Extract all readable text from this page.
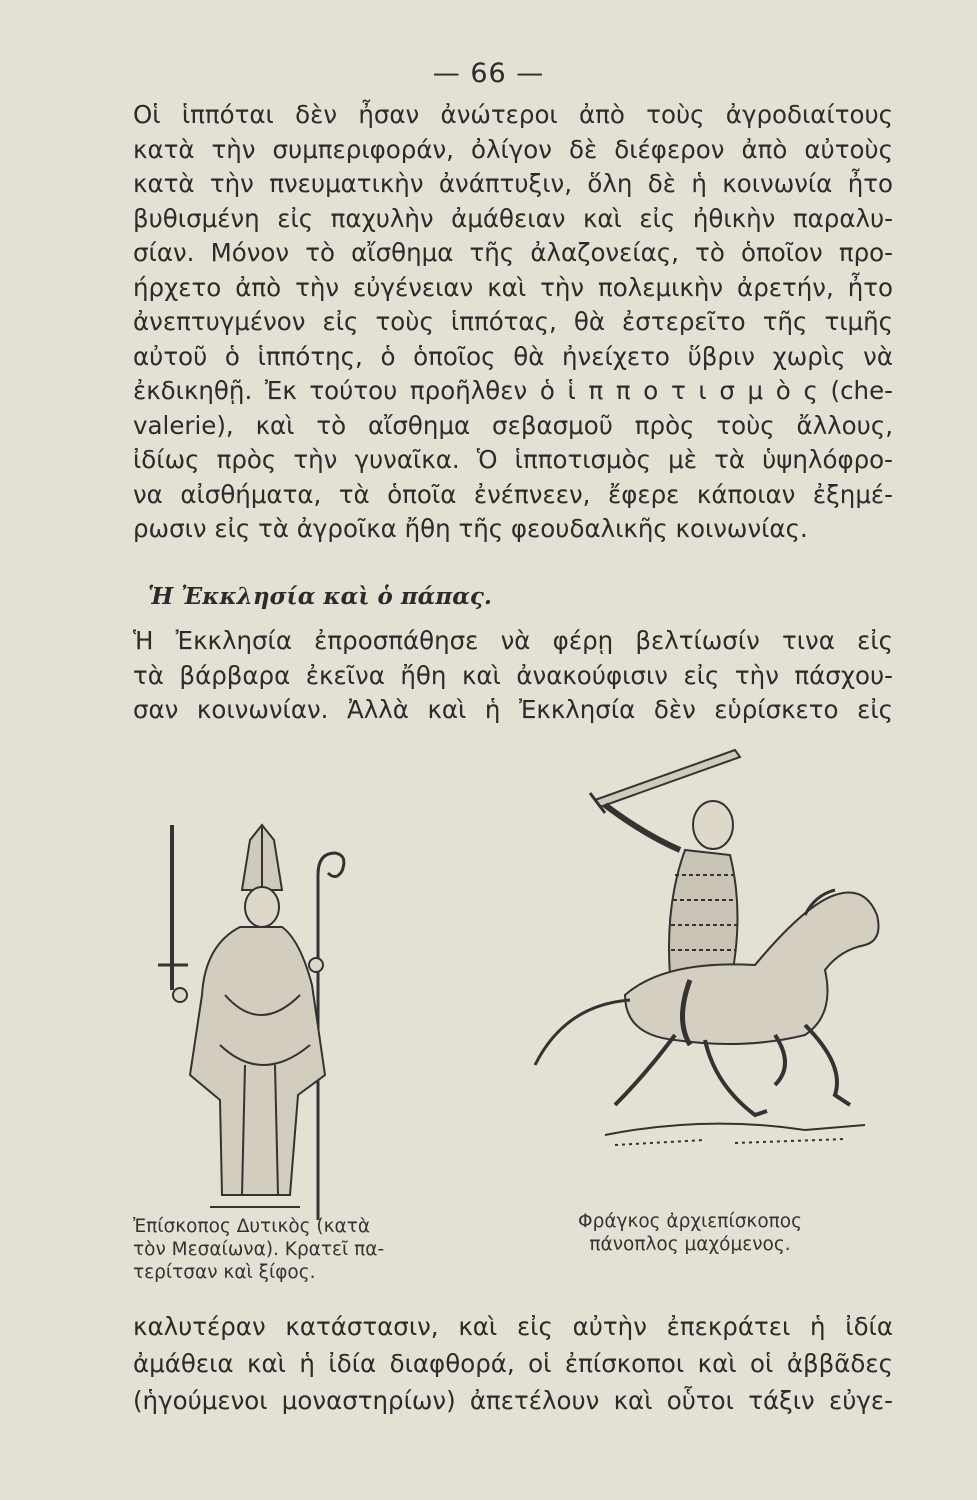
— 66 —

Οἱ ἱππόται δὲν ἦσαν ἀνώτεροι ἀπὸ τοὺς ἀγροδιαίτους
κατὰ τὴν συμπεριφοράν, ὀλίγον δὲ διέφερον ἀπὸ αὐτοὺς
κατὰ τὴν πνευματικὴν ἀνάπτυξιν, ὅλη δὲ ἡ κοινωνία ἦτο
βυθισμένη εἰς παχυλὴν ἀμάθειαν καὶ εἰς ἠθικὴν παραλυ-
σίαν. Μόνον τὸ αἴσθημα τῆς ἀλαζονείας, τὸ ὁποῖον προ-
ήρχετο ἀπὸ τὴν εὐγένειαν καὶ τὴν πολεμικὴν ἀρετήν, ἦτο
ἀνεπτυγμένον εἰς τοὺς ἱππότας, θὰ ἐστερεῖτο τῆς τιμῆς
αὐτοῦ ὁ ἱππότης, ὁ ὁποῖος θὰ ἠνείχετο ὕβριν χωρὶς νὰ
ἐκδικηθῇ. Ἐκ τούτου προῆλθεν ὁ ἱ π π ο τ ι σ μ ὸ ς (che-
valerie), καὶ τὸ αἴσθημα σεβασμοῦ πρὸς τοὺς ἄλλους,
ἰδίως πρὸς τὴν γυναῖκα. Ὁ ἱπποτισμὸς μὲ τὰ ὑψηλόφρο-
να αἰσθήματα, τὰ ὁποῖα ἐνέπνεεν, ἔφερε κάποιαν ἐξημέ-
ρωσιν εἰς τὰ ἀγροῖκα ἤθη τῆς φεουδαλικῆς κοινωνίας.

Ἡ Ἐκκλησία καὶ ὁ πάπας.

Ἡ Ἐκκλησία ἐπροσπάθησε νὰ φέρῃ βελτίωσίν τινα εἰς
τὰ βάρβαρα ἐκεῖνα ἤθη καὶ ἀνακούφισιν εἰς τὴν πάσχου-
σαν κοινωνίαν. Ἀλλὰ καὶ ἡ Ἐκκλησία δὲν εὑρίσκετο εἰς

Ἐπίσκοπος Δυτικὸς (κατὰ
τὸν Μεσαίωνα). Κρατεῖ πα-
τερίτσαν καὶ ξίφος.
Φράγκος ἀρχιεπίσκοπος
πάνοπλος μαχόμενος.

καλυτέραν κατάστασιν, καὶ εἰς αὐτὴν ἐπεκράτει ἡ ἰδία
ἀμάθεια καὶ ἡ ἰδία διαφθορά, οἱ ἐπίσκοποι καὶ οἱ ἀββᾶδες
(ἡγούμενοι μοναστηρίων) ἀπετέλουν καὶ οὗτοι τάξιν εὐγε-
